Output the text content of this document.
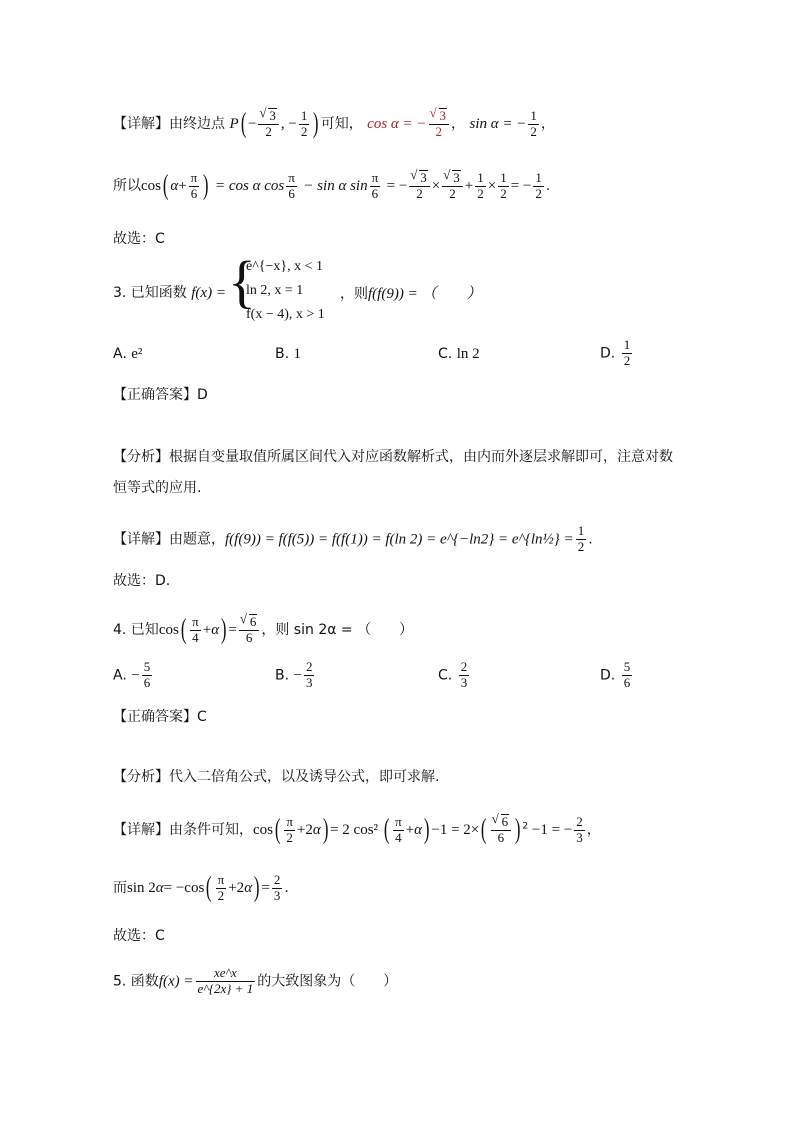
【详解】由终边点 P( − √ $\frac{3}{2}$ , − $\frac{1}{2}$ ) 可知， cos α = − √ $\frac{3}{2}$ ， sin α = − $\frac{1}{2}$ ，
所以cos( $\alpha+ \frac{\pi}{6}$ ) = cos α $\cos \frac{\pi}{6} - \sin \alpha$ $\sin \frac{\pi}{6}$ = − √ $\frac{3}{2}$ × √ $\frac{3}{2} + \frac{1}{2} \times \frac{1}{2}$ = − $\frac{1}{2}$ .
故选：C
3. 已知函数 f(x) = {
e^{−x}, x < 1
ln 2, x = 1
f(x − 4), x > 1
，则f(f(9)) = （　　）
A. e²	B. 1	C. ln 2	D. $\frac{1}{2}$
【正确答案】D
【分析】根据自变量取值所属区间代入对应函数解析式，由内而外逐层求解即可，注意对数
恒等式的应用.
【详解】由题意，f(f(9)) = f(f(5)) = f(f(1)) = f(ln 2) = e^{−ln2} = e^{ln½} = $\frac{1}{2}$ .
故选：D.
4. 已知$\cos( \frac{\pi}{4} +\alpha)$ = √ $\frac{6}{6}$ ，则 sin 2α = （　　）
A. − $\frac{5}{6}$	B. − $\frac{2}{3}$	C. $\frac{2}{3}$	D. $\frac{5}{6}$
【正确答案】C
【分析】代入二倍角公式，以及诱导公式，即可求解.
【详解】由条件可知，$\cos( \frac{\pi}{2} +2\alpha) = 2$ cos² ( $\frac{\pi}{4} +\alpha) -1 = 2\times$( √ $\frac{6}{6}$ ) $^2$ −1 = − $\frac{2}{3}$ ，
而$\sin 2\alpha= -\cos( \frac{\pi}{2} +2\alpha) = \frac{2}{3}$ .
故选：C
5. 函数$f(x) = \frac{xe\^{}x}{e\^{}\{2x\} + 1}$ 的大致图象为（　　）
